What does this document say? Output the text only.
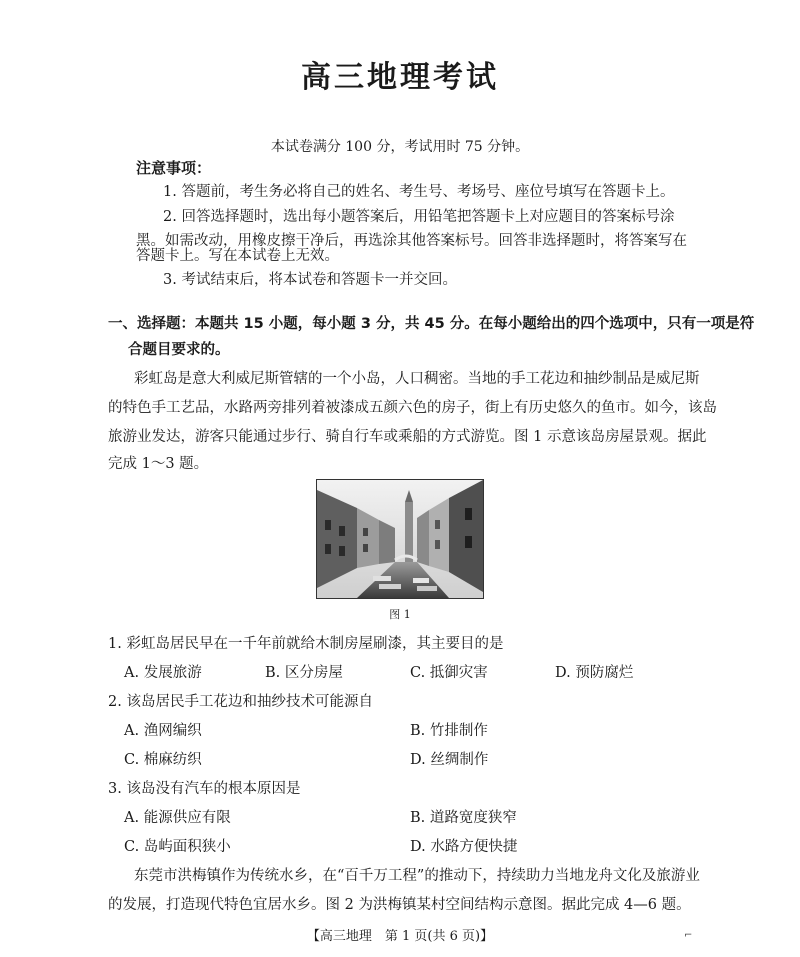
高三地理考试
本试卷满分 100 分，考试用时 75 分钟。
注意事项：
1. 答题前，考生务必将自己的姓名、考生号、考场号、座位号填写在答题卡上。
2. 回答选择题时，选出每小题答案后，用铅笔把答题卡上对应题目的答案标号涂
黑。如需改动，用橡皮擦干净后，再选涂其他答案标号。回答非选择题时，将答案写在
答题卡上。写在本试卷上无效。
3. 考试结束后，将本试卷和答题卡一并交回。
一、选择题：本题共 15 小题，每小题 3 分，共 45 分。在每小题给出的四个选项中，只有一项是符
合题目要求的。
彩虹岛是意大利威尼斯管辖的一个小岛，人口稠密。当地的手工花边和抽纱制品是威尼斯
的特色手工艺品，水路两旁排列着被漆成五颜六色的房子，街上有历史悠久的鱼市。如今，该岛
旅游业发达，游客只能通过步行、骑自行车或乘船的方式游览。图 1 示意该岛房屋景观。据此
完成 1～3 题。
图 1
1. 彩虹岛居民早在一千年前就给木制房屋刷漆，其主要目的是
A. 发展旅游	B. 区分房屋	C. 抵御灾害	D. 预防腐烂
2. 该岛居民手工花边和抽纱技术可能源自
A. 渔网编织	B. 竹排制作
C. 棉麻纺织	D. 丝绸制作
3. 该岛没有汽车的根本原因是
A. 能源供应有限	B. 道路宽度狭窄
C. 岛屿面积狭小	D. 水路方便快捷
东莞市洪梅镇作为传统水乡，在“百千万工程”的推动下，持续助力当地龙舟文化及旅游业
的发展，打造现代特色宜居水乡。图 2 为洪梅镇某村空间结构示意图。据此完成 4—6 题。
【高三地理　第 1 页(共 6 页)】	⌐
